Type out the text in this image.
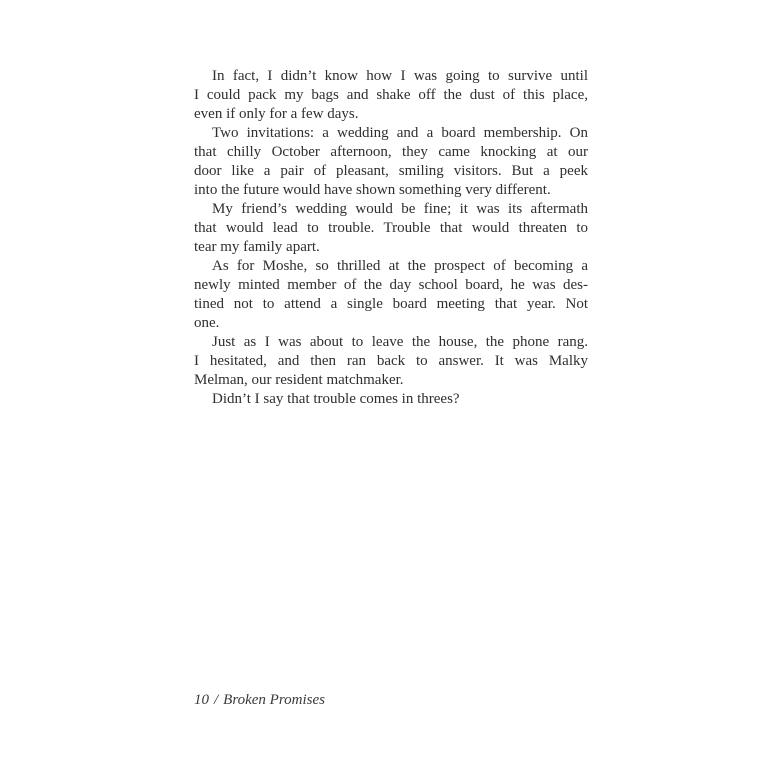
In fact, I didn’t know how I was going to survive until
I could pack my bags and shake off the dust of this place,
even if only for a few days.
Two invitations: a wedding and a board membership. On
that chilly October afternoon, they came knocking at our
door like a pair of pleasant, smiling visitors. But a peek
into the future would have shown something very different.
My friend’s wedding would be fine; it was its aftermath
that would lead to trouble. Trouble that would threaten to
tear my family apart.
As for Moshe, so thrilled at the prospect of becoming a
newly minted member of the day school board, he was des-
tined not to attend a single board meeting that year. Not
one.
Just as I was about to leave the house, the phone rang.
I hesitated, and then ran back to answer. It was Malky
Melman, our resident matchmaker.
Didn’t I say that trouble comes in threes?
10 / Broken Promises
